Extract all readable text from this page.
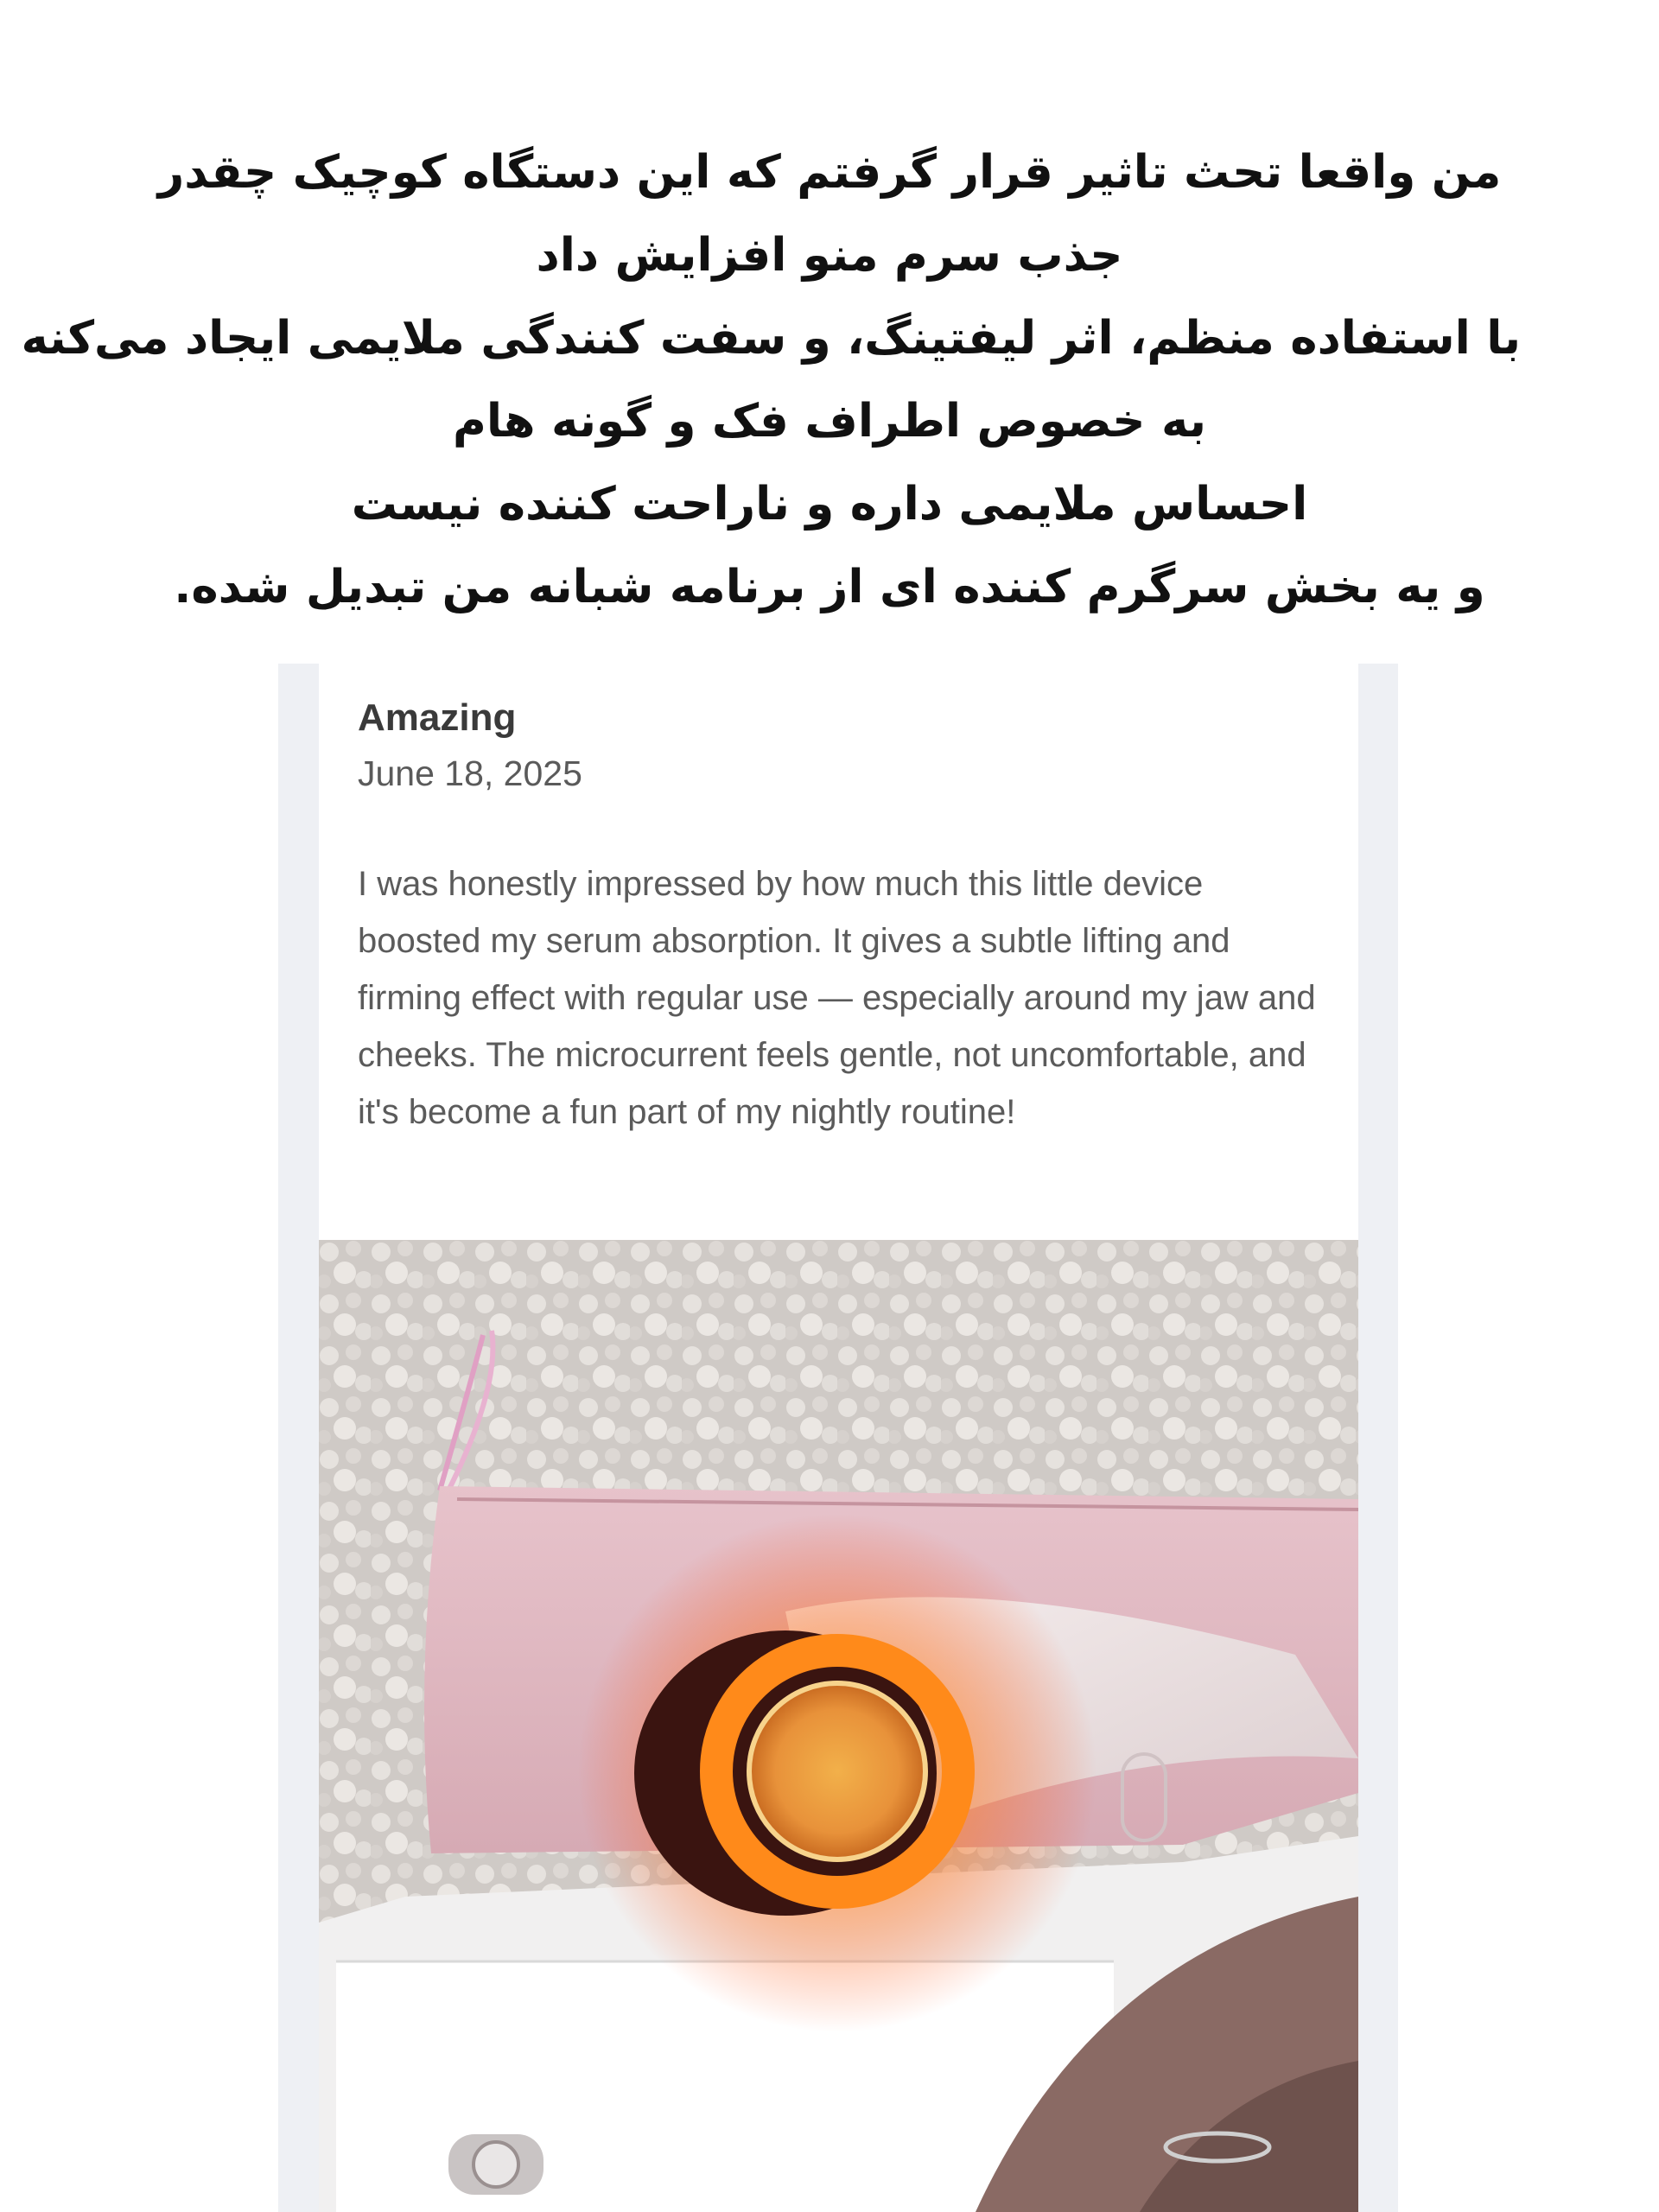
من واقعا تحث تاثیر قرار گرفتم که این دستگاه کوچیک چقدر
جذب سرم منو افزایش داد
با استفاده منظم، اثر لیفتینگ، و سفت کنندگی ملایمی ایجاد می‌کنه
به خصوص اطراف فک و گونه هام
احساس ملایمی داره و ناراحت کننده نیست
و یه بخش سرگرم کننده ای از برنامه شبانه من تبدیل شده.
Amazing
June 18, 2025
I was honestly impressed by how much this little device boosted my serum absorption. It gives a subtle lifting and firming effect with regular use — especially around my jaw and cheeks. The microcurrent feels gentle, not uncomfortable, and it's become a fun part of my nightly routine!
